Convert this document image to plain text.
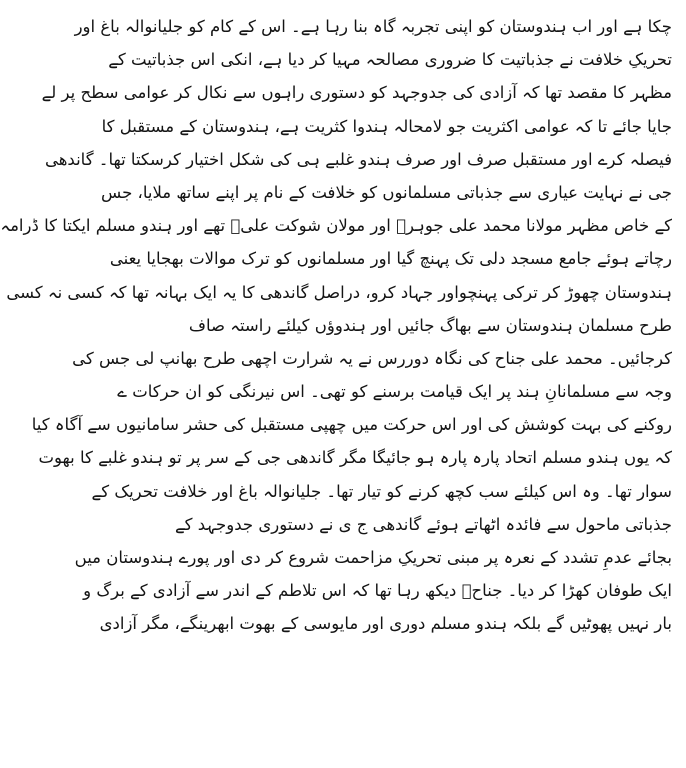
چکا ہے اور اب ہندوستان کو اپنی تجربہ گاہ بنا رہا ہے۔ اس کے کام کو جلیانوالہ باغ اور
تحریکِ خلافت نے جذباتیت کا ضروری مصالحہ مہیا کر دیا ہے، انکی اس جذباتیت کے
مظہر کا مقصد تھا کہ آزادی کی جدوجہد کو دستوری راہوں سے نکال کر عوامی سطح پر لے
جایا جائے تا کہ عوامی اکثریت جو لامحالہ ہندوا کثریت ہے، ہندوستان کے مستقبل کا
فیصلہ کرے اور مستقبل صرف اور صرف ہندو غلبے ہی کی شکل اختیار کرسکتا تھا۔ گاندھی
جی نے نہایت عیاری سے جذباتی مسلمانوں کو خلافت کے نام پر اپنے ساتھ ملایا، جس
کے خاص مظہر مولانا محمد علی جوہرؒ اور مولان شوکت علیؒ تھے اور ہندو مسلم ایکتا کا ڈرامہ
رچاتے ہوئے جامع مسجد دلی تک پہنچ گیا اور مسلمانوں کو ترک موالات بھجایا یعنی
ہندوستان چھوڑ کر ترکی پہنچواور جہاد کرو، دراصل گاندھی کا یہ ایک بہانہ تھا کہ کسی نہ کسی
طرح مسلمان ہندوستان سے بھاگ جائیں اور ہندوؤں کیلئے راستہ صاف
کرجائیں۔ محمد علی جناح کی نگاہ دوررس نے یہ شرارت اچھی طرح بھانپ لی جس کی
وجہ سے مسلمانانِ ہند پر ایک قیامت برسنے کو تھی۔ اس نیرنگی کو ان حرکات ے
روکنے کی بہت کوشش کی اور اس حرکت میں چھپی مستقبل کی حشر سامانیوں سے آگاہ کیا
کہ یوں ہندو مسلم اتحاد پارہ پارہ ہو جائیگا مگر گاندھی جی کے سر پر تو ہندو غلبے کا بھوت
سوار تھا۔ وہ اس کیلئے سب کچھ کرنے کو تیار تھا۔ جلیانوالہ باغ اور خلافت تحریک کے
جذباتی ماحول سے فائدہ اٹھاتے ہوئے گاندھی ج ی نے دستوری جدوجہد کے
بجائے عدمِ تشدد کے نعرہ پر مبنی تحریکِ مزاحمت شروع کر دی اور پورے ہندوستان میں
ایک طوفان کھڑا کر دیا۔ جناحؒ دیکھ رہا تھا کہ اس تلاطم کے اندر سے آزادی کے برگ و
بار نہیں پھوٹیں گے بلکہ ہندو مسلم دوری اور مایوسی کے بھوت ابھرینگے، مگر آزادی
